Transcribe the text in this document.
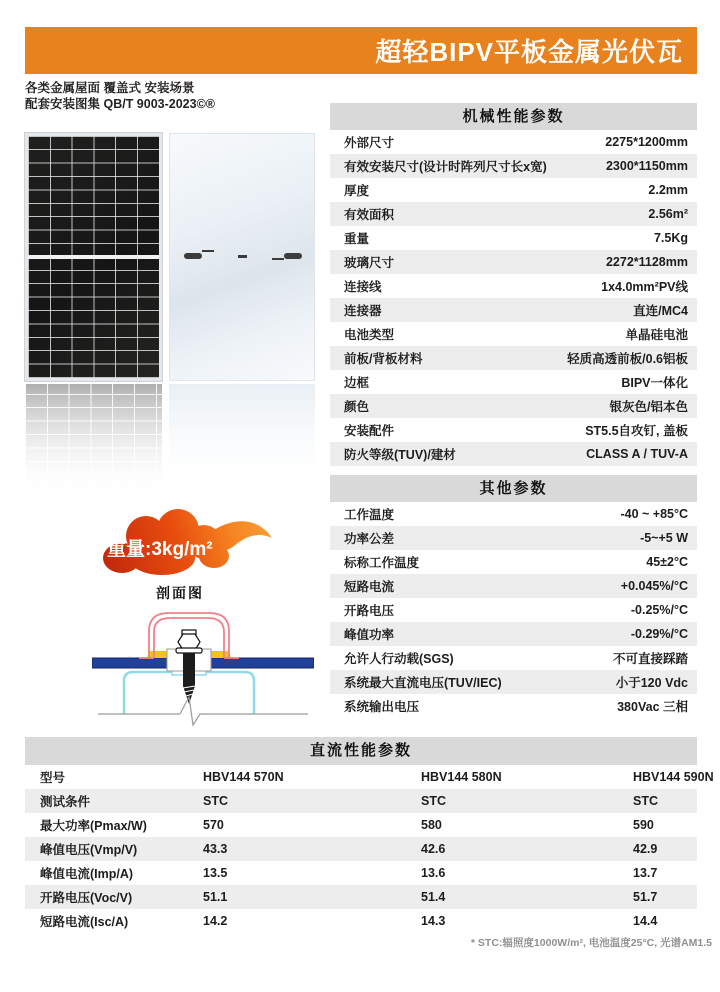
超轻BIPV平板金属光伏瓦
各类金属屋面 覆盖式 安装场景
配套安装图集 QB/T 9003-2023©®
重量:3kg/m²
剖面图
机械性能参数
外部尺寸	2275*1200mm
有效安装尺寸(设计时阵列尺寸长x宽)	2300*1150mm
厚度	2.2mm
有效面积	2.56m²
重量	7.5Kg
玻璃尺寸	2272*1128mm
连接线	1x4.0mm²PV线
连接器	直连/MC4
电池类型	单晶硅电池
前板/背板材料	轻质高透前板/0.6铝板
边框	BIPV一体化
颜色	银灰色/铝本色
安装配件	ST5.5自攻钉, 盖板
防火等级(TUV)/建材	CLASS A / TUV-A
其他参数
工作温度	-40 ~ +85°C
功率公差	-5~+5 W
标称工作温度	45±2°C
短路电流	+0.045%/°C
开路电压	-0.25%/°C
峰值功率	-0.29%/°C
允许人行动载(SGS)	不可直接踩踏
系统最大直流电压(TUV/IEC)	小于120 Vdc
系统输出电压	380Vac 三相
直流性能参数
型号	HBV144 570N	HBV144 580N	HBV144 590N
测试条件	STC	STC	STC
最大功率(Pmax/W)	570	580	590
峰值电压(Vmp/V)	43.3	42.6	42.9
峰值电流(Imp/A)	13.5	13.6	13.7
开路电压(Voc/V)	51.1	51.4	51.7
短路电流(Isc/A)	14.2	14.3	14.4
* STC:辐照度1000W/m², 电池温度25°C, 光谱AM1.5
